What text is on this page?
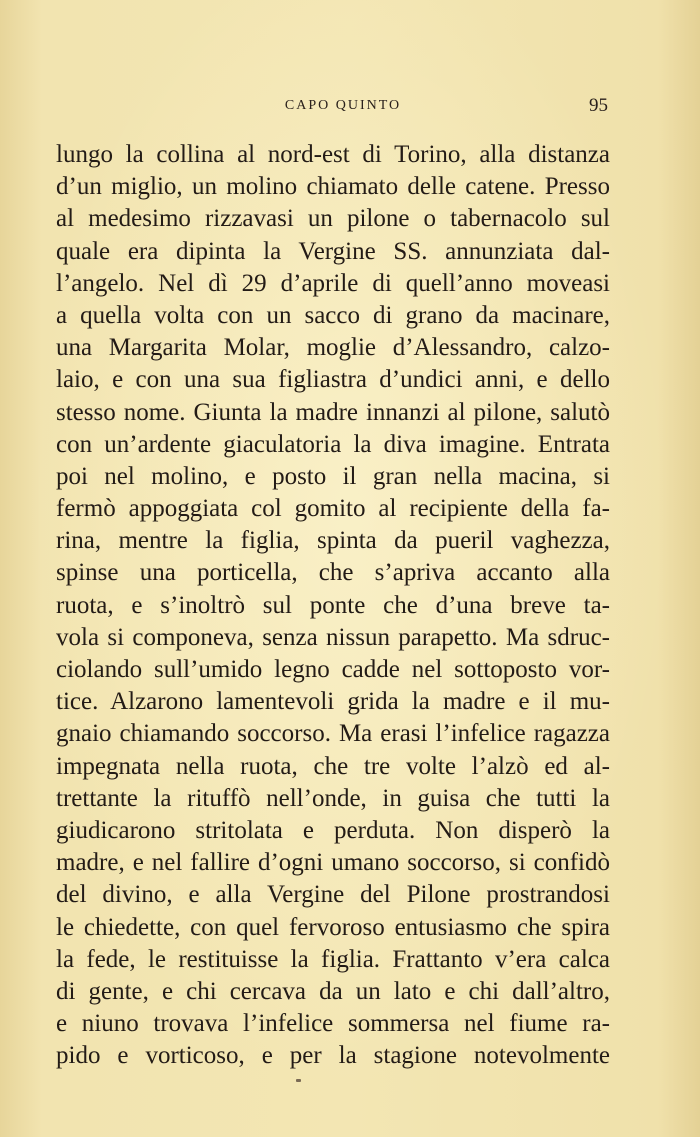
CAPO QUINTO	95
lungo la collina al nord-est di Torino, alla distanza
d’un miglio, un molino chiamato delle catene. Presso
al medesimo rizzavasi un pilone o tabernacolo sul
quale era dipinta la Vergine SS. annunziata dal-
l’angelo. Nel dì 29 d’aprile di quell’anno moveasi
a quella volta con un sacco di grano da macinare,
una Margarita Molar, moglie d’Alessandro, calzo-
laio, e con una sua figliastra d’undici anni, e dello
stesso nome. Giunta la madre innanzi al pilone, salutò
con un’ardente giaculatoria la diva imagine. Entrata
poi nel molino, e posto il gran nella macina, si
fermò appoggiata col gomito al recipiente della fa-
rina, mentre la figlia, spinta da pueril vaghezza,
spinse una porticella, che s’apriva accanto alla
ruota, e s’inoltrò sul ponte che d’una breve ta-
vola si componeva, senza nissun parapetto. Ma sdruc-
ciolando sull’umido legno cadde nel sottoposto vor-
tice. Alzarono lamentevoli grida la madre e il mu-
gnaio chiamando soccorso. Ma erasi l’infelice ragazza
impegnata nella ruota, che tre volte l’alzò ed al-
trettante la rituffò nell’onde, in guisa che tutti la
giudicarono stritolata e perduta. Non disperò la
madre, e nel fallire d’ogni umano soccorso, si confidò
del divino, e alla Vergine del Pilone prostrandosi
le chiedette, con quel fervoroso entusiasmo che spira
la fede, le restituisse la figlia. Frattanto v’era calca
di gente, e chi cercava da un lato e chi dall’altro,
e niuno trovava l’infelice sommersa nel fiume ra-
pido e vorticoso, e per la stagione notevolmente
